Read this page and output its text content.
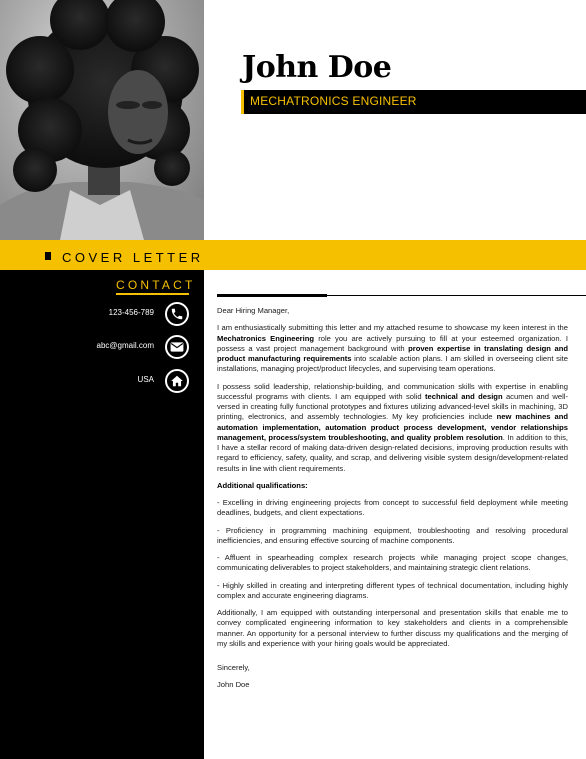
John Doe
MECHATRONICS ENGINEER
COVER LETTER
CONTACT
123-456-789
abc@gmail.com
USA

Dear Hiring Manager,

I am enthusiastically submitting this letter and my attached resume to showcase my keen interest in the Mechatronics Engineering role you are actively pursuing to fill at your esteemed organization. I possess a vast project management background with proven expertise in translating design and product manufacturing requirements into scalable action plans. I am skilled in overseeing client site installations, managing project/product lifecycles, and supervising team operations.

I possess solid leadership, relationship-building, and communication skills with expertise in enabling successful programs with clients. I am equipped with solid technical and design acumen and well-versed in creating fully functional prototypes and fixtures utilizing advanced-level skills in machining, 3D printing, electronics, and assembly technologies. My key proficiencies include new machines and automation implementation, automation product process development, vendor relationships management, process/system troubleshooting, and quality problem resolution. In addition to this, I have a stellar record of making data-driven design-related decisions, improving production results with regard to efficiency, safety, quality, and scrap, and delivering visible system design/development-related results in line with client requirements.

Additional qualifications:

- Excelling in driving engineering projects from concept to successful field deployment while meeting deadlines, budgets, and client expectations.

- Proficiency in programming machining equipment, troubleshooting and resolving procedural inefficiencies, and ensuring effective sourcing of machine components.

- Affluent in spearheading complex research projects while managing project scope changes, communicating deliverables to project stakeholders, and maintaining strategic client relations.

- Highly skilled in creating and interpreting different types of technical documentation, including highly complex and accurate engineering diagrams.

Additionally, I am equipped with outstanding interpersonal and presentation skills that enable me to convey complicated engineering information to key stakeholders and clients in a comprehensible manner. An opportunity for a personal interview to further discuss my qualifications and the merging of my skills and experience with your hiring goals would be appreciated.

Sincerely,

John Doe
